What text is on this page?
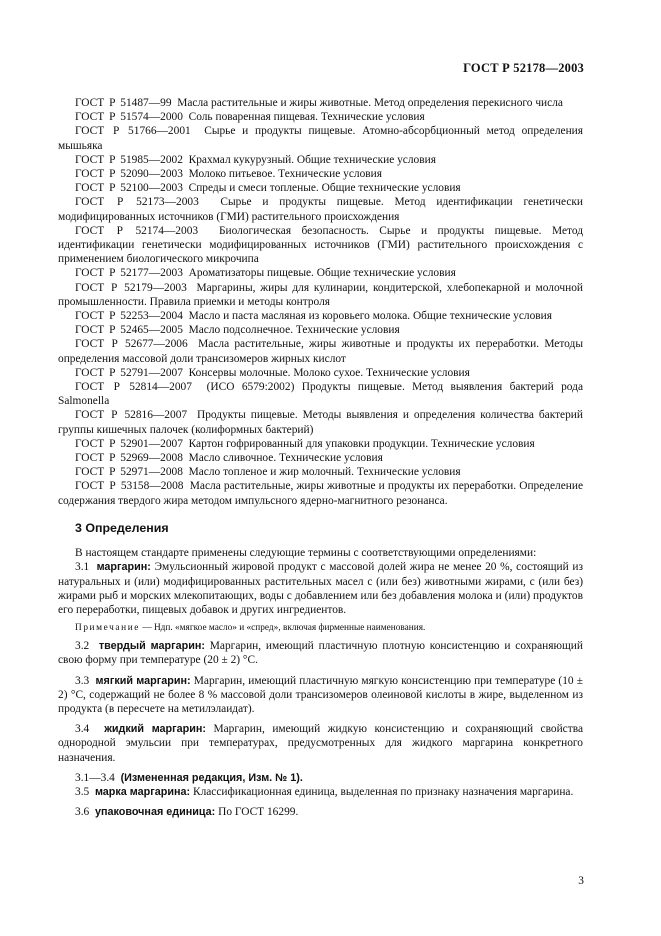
ГОСТ Р 52178—2003

ГОСТ Р 51487—99 Масла растительные и жиры животные. Метод определения перекисного числа

ГОСТ Р 51574—2000 Соль поваренная пищевая. Технические условия

ГОСТ Р 51766—2001 Сырье и продукты пищевые. Атомно-абсорбционный метод определения мышьяка

ГОСТ Р 51985—2002 Крахмал кукурузный. Общие технические условия

ГОСТ Р 52090—2003 Молоко питьевое. Технические условия

ГОСТ Р 52100—2003 Спреды и смеси топленые. Общие технические условия

ГОСТ Р 52173—2003 Сырье и продукты пищевые. Метод идентификации генетически модифицированных источников (ГМИ) растительного происхождения

ГОСТ Р 52174—2003 Биологическая безопасность. Сырье и продукты пищевые. Метод идентификации генетически модифицированных источников (ГМИ) растительного происхождения с применением биологического микрочипа

ГОСТ Р 52177—2003 Ароматизаторы пищевые. Общие технические условия

ГОСТ Р 52179—2003 Маргарины, жиры для кулинарии, кондитерской, хлебопекарной и молочной промышленности. Правила приемки и методы контроля

ГОСТ Р 52253—2004 Масло и паста масляная из коровьего молока. Общие технические условия

ГОСТ Р 52465—2005 Масло подсолнечное. Технические условия

ГОСТ Р 52677—2006 Масла растительные, жиры животные и продукты их переработки. Методы определения массовой доли трансизомеров жирных кислот

ГОСТ Р 52791—2007 Консервы молочные. Молоко сухое. Технические условия

ГОСТ Р 52814—2007 (ИСО 6579:2002) Продукты пищевые. Метод выявления бактерий рода Salmonella

ГОСТ Р 52816—2007 Продукты пищевые. Методы выявления и определения количества бактерий группы кишечных палочек (колиформных бактерий)

ГОСТ Р 52901—2007 Картон гофрированный для упаковки продукции. Технические условия

ГОСТ Р 52969—2008 Масло сливочное. Технические условия

ГОСТ Р 52971—2008 Масло топленое и жир молочный. Технические условия

ГОСТ Р 53158—2008 Масла растительные, жиры животные и продукты их переработки. Определение содержания твердого жира методом импульсного ядерно-магнитного резонанса.

3 Определения

В настоящем стандарте применены следующие термины с соответствующими определениями:

3.1 маргарин: Эмульсионный жировой продукт с массовой долей жира не менее 20 %, состоящий из натуральных и (или) модифицированных растительных масел с (или без) животными жирами, с (или без) жирами рыб и морских млекопитающих, воды с добавлением или без добавления молока и (или) продуктов его переработки, пищевых добавок и других ингредиентов.

Примечание — Ндп. «мягкое масло» и «спред», включая фирменные наименования.

3.2 твердый маргарин: Маргарин, имеющий пластичную плотную консистенцию и сохраняющий свою форму при температуре (20 ± 2) °С.

3.3 мягкий маргарин: Маргарин, имеющий пластичную мягкую консистенцию при температуре (10 ± 2) °С, содержащий не более 8 % массовой доли трансизомеров олеиновой кислоты в жире, выделенном из продукта (в пересчете на метилэлаидат).

3.4 жидкий маргарин: Маргарин, имеющий жидкую консистенцию и сохраняющий свойства однородной эмульсии при температурах, предусмотренных для жидкого маргарина конкретного назначения.

3.1—3.4 (Измененная редакция, Изм. № 1).

3.5 марка маргарина: Классификационная единица, выделенная по признаку назначения маргарина.

3.6 упаковочная единица: По ГОСТ 16299.

3
